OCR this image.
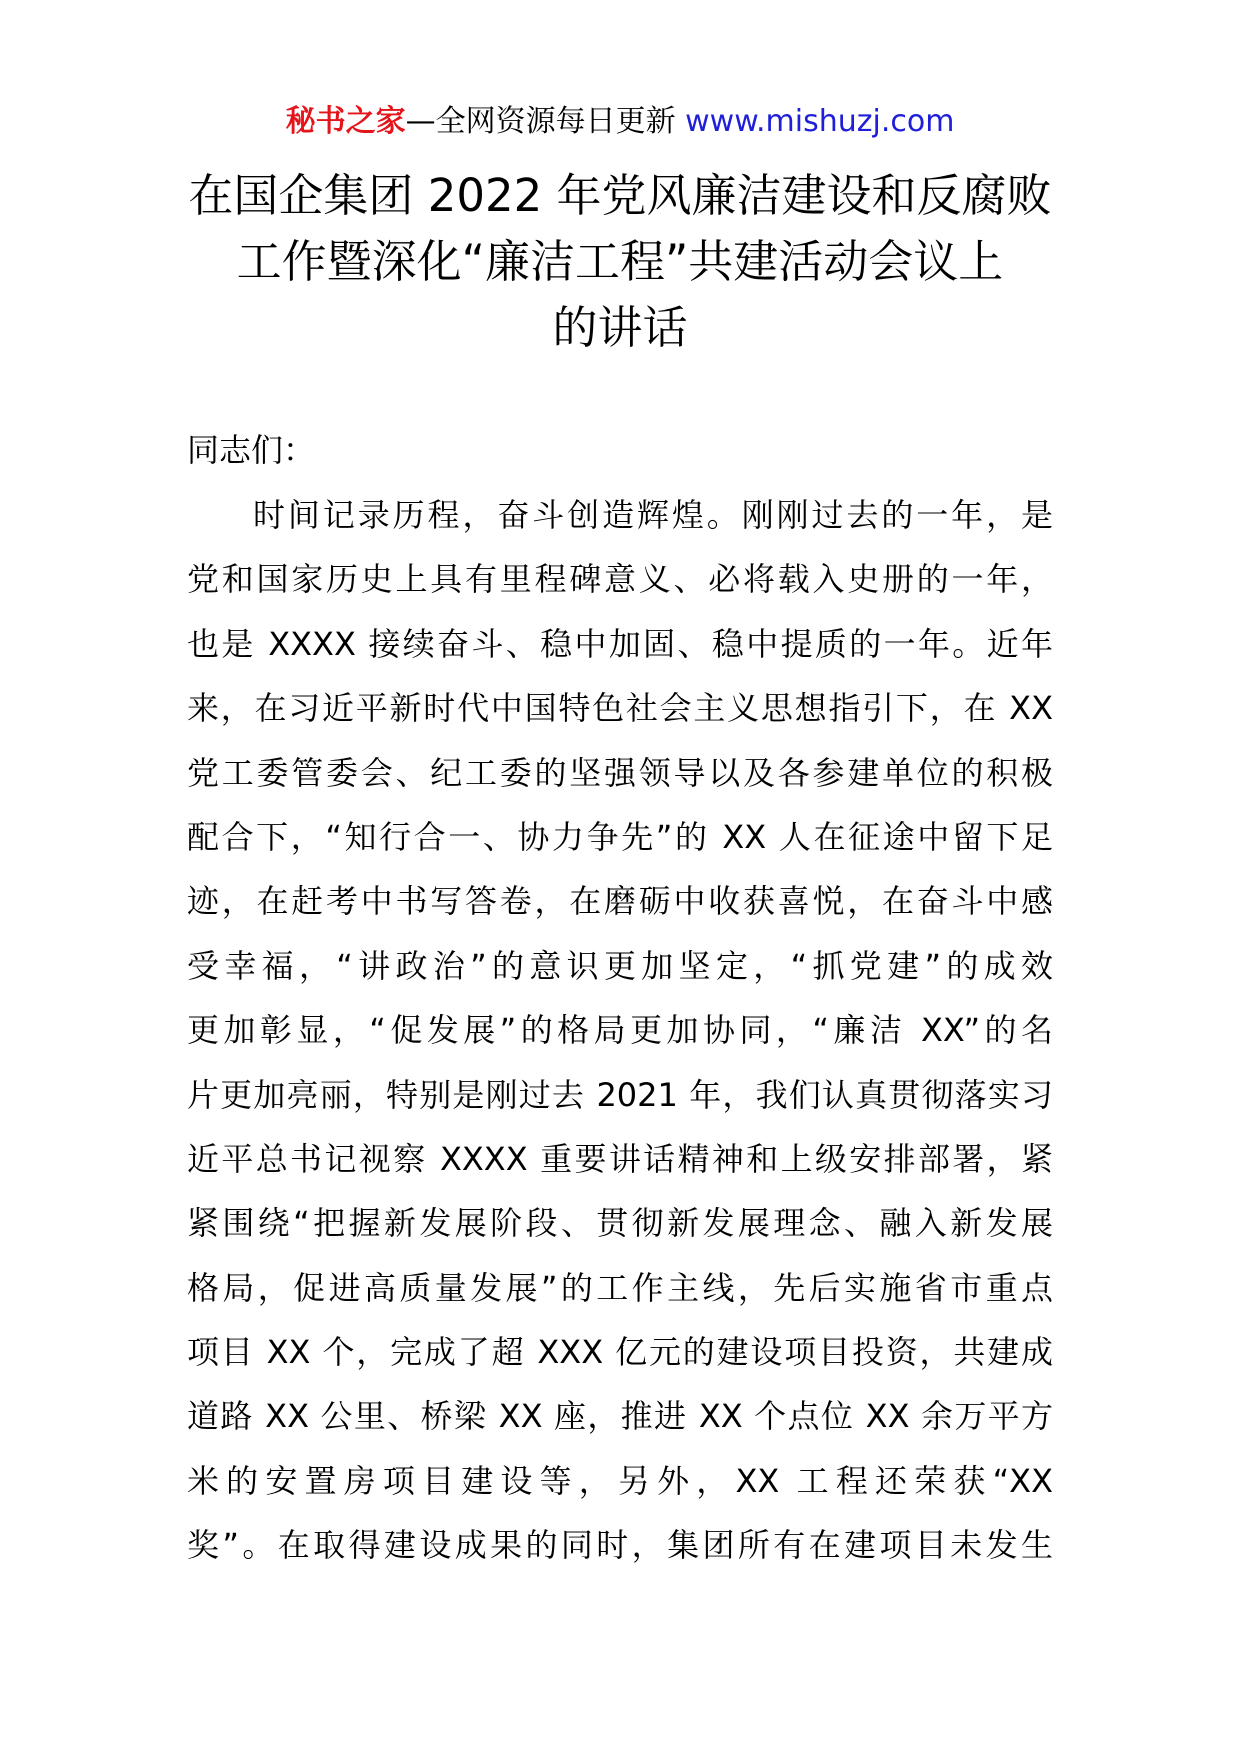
秘书之家—全网资源每日更新 www.mishuzj.com
在国企集团 2022 年党风廉洁建设和反腐败
工作暨深化“廉洁工程”共建活动会议上
的讲话
同志们：
时间记录历程，奋斗创造辉煌。刚刚过去的一年，是
党和国家历史上具有里程碑意义、必将载入史册的一年，
也是 XXXX 接续奋斗、稳中加固、稳中提质的一年。近年
来，在习近平新时代中国特色社会主义思想指引下，在 XX
党工委管委会、纪工委的坚强领导以及各参建单位的积极
配合下，“知行合一、协力争先”的 XX 人在征途中留下足
迹，在赶考中书写答卷，在磨砺中收获喜悦，在奋斗中感
受幸福，“讲政治”的意识更加坚定，“抓党建”的成效
更加彰显，“促发展”的格局更加协同，“廉洁 XX”的名
片更加亮丽，特别是刚过去 2021 年，我们认真贯彻落实习
近平总书记视察 XXXX 重要讲话精神和上级安排部署，紧
紧围绕“把握新发展阶段、贯彻新发展理念、融入新发展
格局，促进高质量发展”的工作主线，先后实施省市重点
项目 XX 个，完成了超 XXX 亿元的建设项目投资，共建成
道路 XX 公里、桥梁 XX 座，推进 XX 个点位 XX 余万平方
米的安置房项目建设等，另外，XX 工程还荣获“XX
奖”。在取得建设成果的同时，集团所有在建项目未发生
